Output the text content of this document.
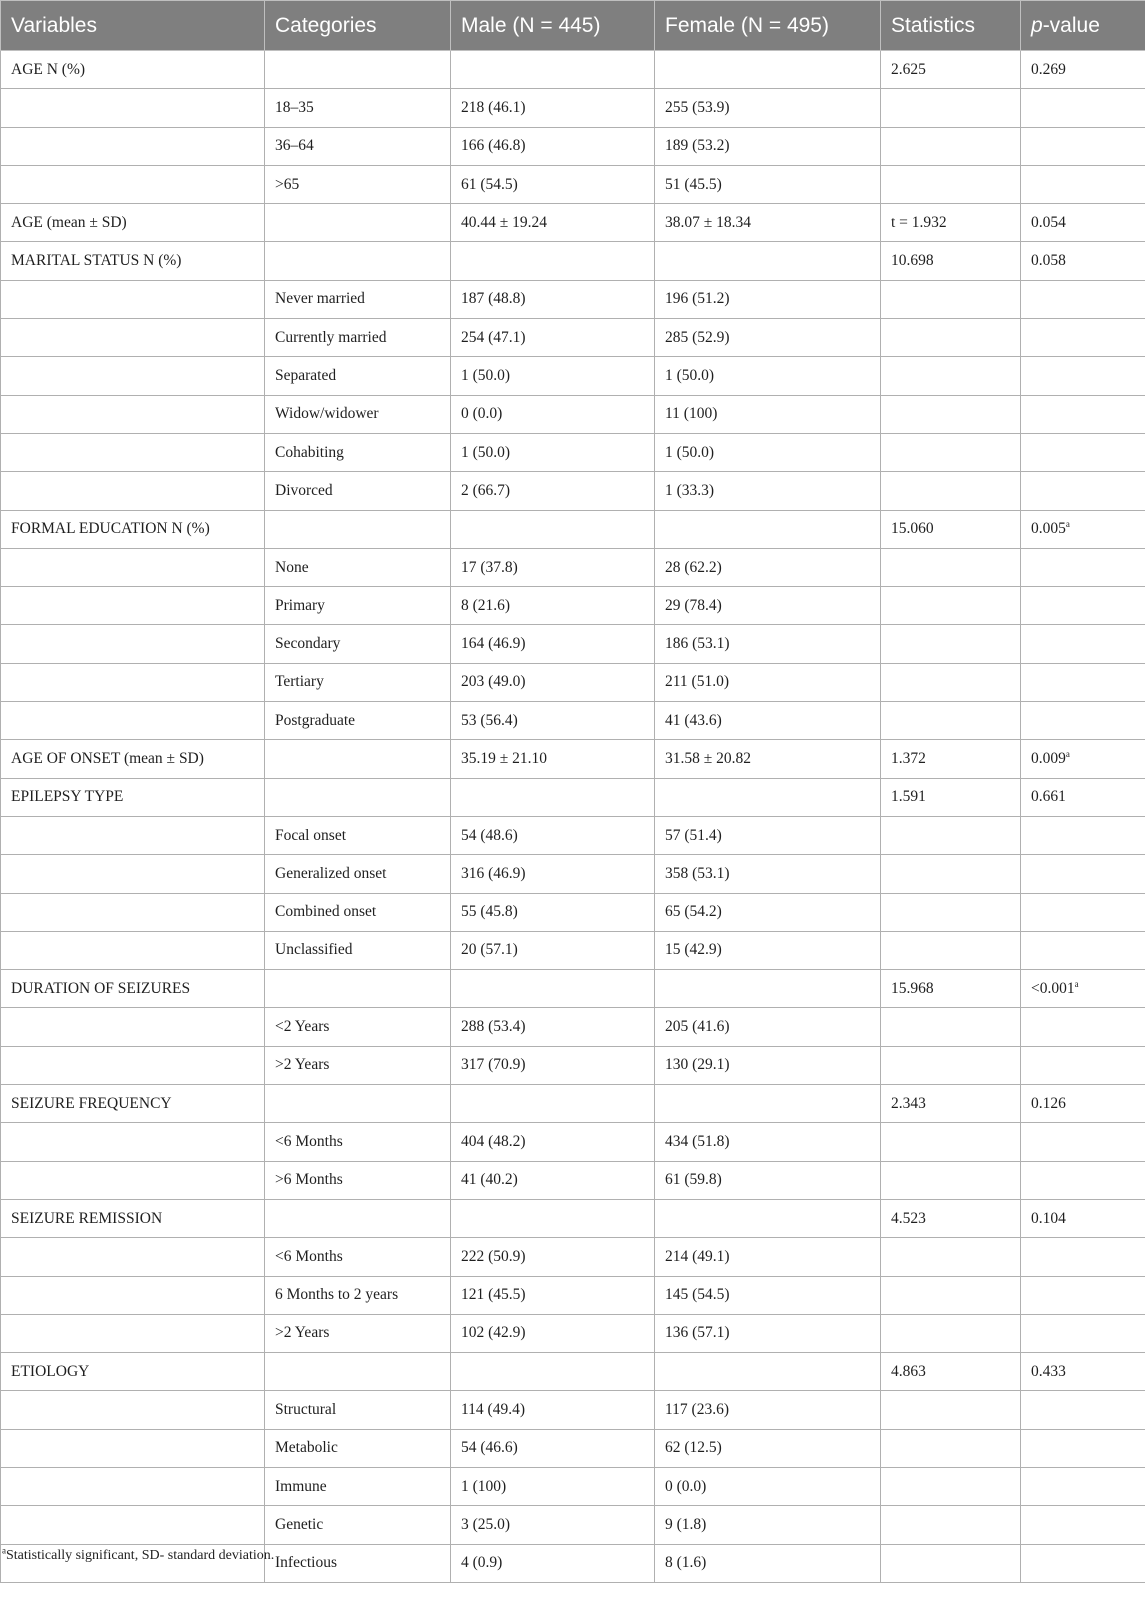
Variables	Categories	Male (N = 445)	Female (N = 495)	Statistics	p-value
AGE N (%)				2.625	0.269
	18–35	218 (46.1)	255 (53.9)		
	36–64	166 (46.8)	189 (53.2)		
	>65	61 (54.5)	51 (45.5)		
AGE (mean ± SD)		40.44 ± 19.24	38.07 ± 18.34	t = 1.932	0.054
MARITAL STATUS N (%)				10.698	0.058
	Never married	187 (48.8)	196 (51.2)		
	Currently married	254 (47.1)	285 (52.9)		
	Separated	1 (50.0)	1 (50.0)		
	Widow/widower	0 (0.0)	11 (100)		
	Cohabiting	1 (50.0)	1 (50.0)		
	Divorced	2 (66.7)	1 (33.3)		
FORMAL EDUCATION N (%)				15.060	0.005$^a$
	None	17 (37.8)	28 (62.2)		
	Primary	8 (21.6)	29 (78.4)		
	Secondary	164 (46.9)	186 (53.1)		
	Tertiary	203 (49.0)	211 (51.0)		
	Postgraduate	53 (56.4)	41 (43.6)		
AGE OF ONSET (mean ± SD)		35.19 ± 21.10	31.58 ± 20.82	1.372	0.009$^a$
EPILEPSY TYPE				1.591	0.661
	Focal onset	54 (48.6)	57 (51.4)		
	Generalized onset	316 (46.9)	358 (53.1)		
	Combined onset	55 (45.8)	65 (54.2)		
	Unclassified	20 (57.1)	15 (42.9)		
DURATION OF SEIZURES				15.968	<0.001$^a$
	<2 Years	288 (53.4)	205 (41.6)		
	>2 Years	317 (70.9)	130 (29.1)		
SEIZURE FREQUENCY				2.343	0.126
	<6 Months	404 (48.2)	434 (51.8)		
	>6 Months	41 (40.2)	61 (59.8)		
SEIZURE REMISSION				4.523	0.104
	<6 Months	222 (50.9)	214 (49.1)		
	6 Months to 2 years	121 (45.5)	145 (54.5)		
	>2 Years	102 (42.9)	136 (57.1)		
ETIOLOGY				4.863	0.433
	Structural	114 (49.4)	117 (23.6)		
	Metabolic	54 (46.6)	62 (12.5)		
	Immune	1 (100)	0 (0.0)		
	Genetic	3 (25.0)	9 (1.8)		
	Infectious	4 (0.9)	8 (1.6)		
$^a$Statistically significant, SD- standard deviation.
